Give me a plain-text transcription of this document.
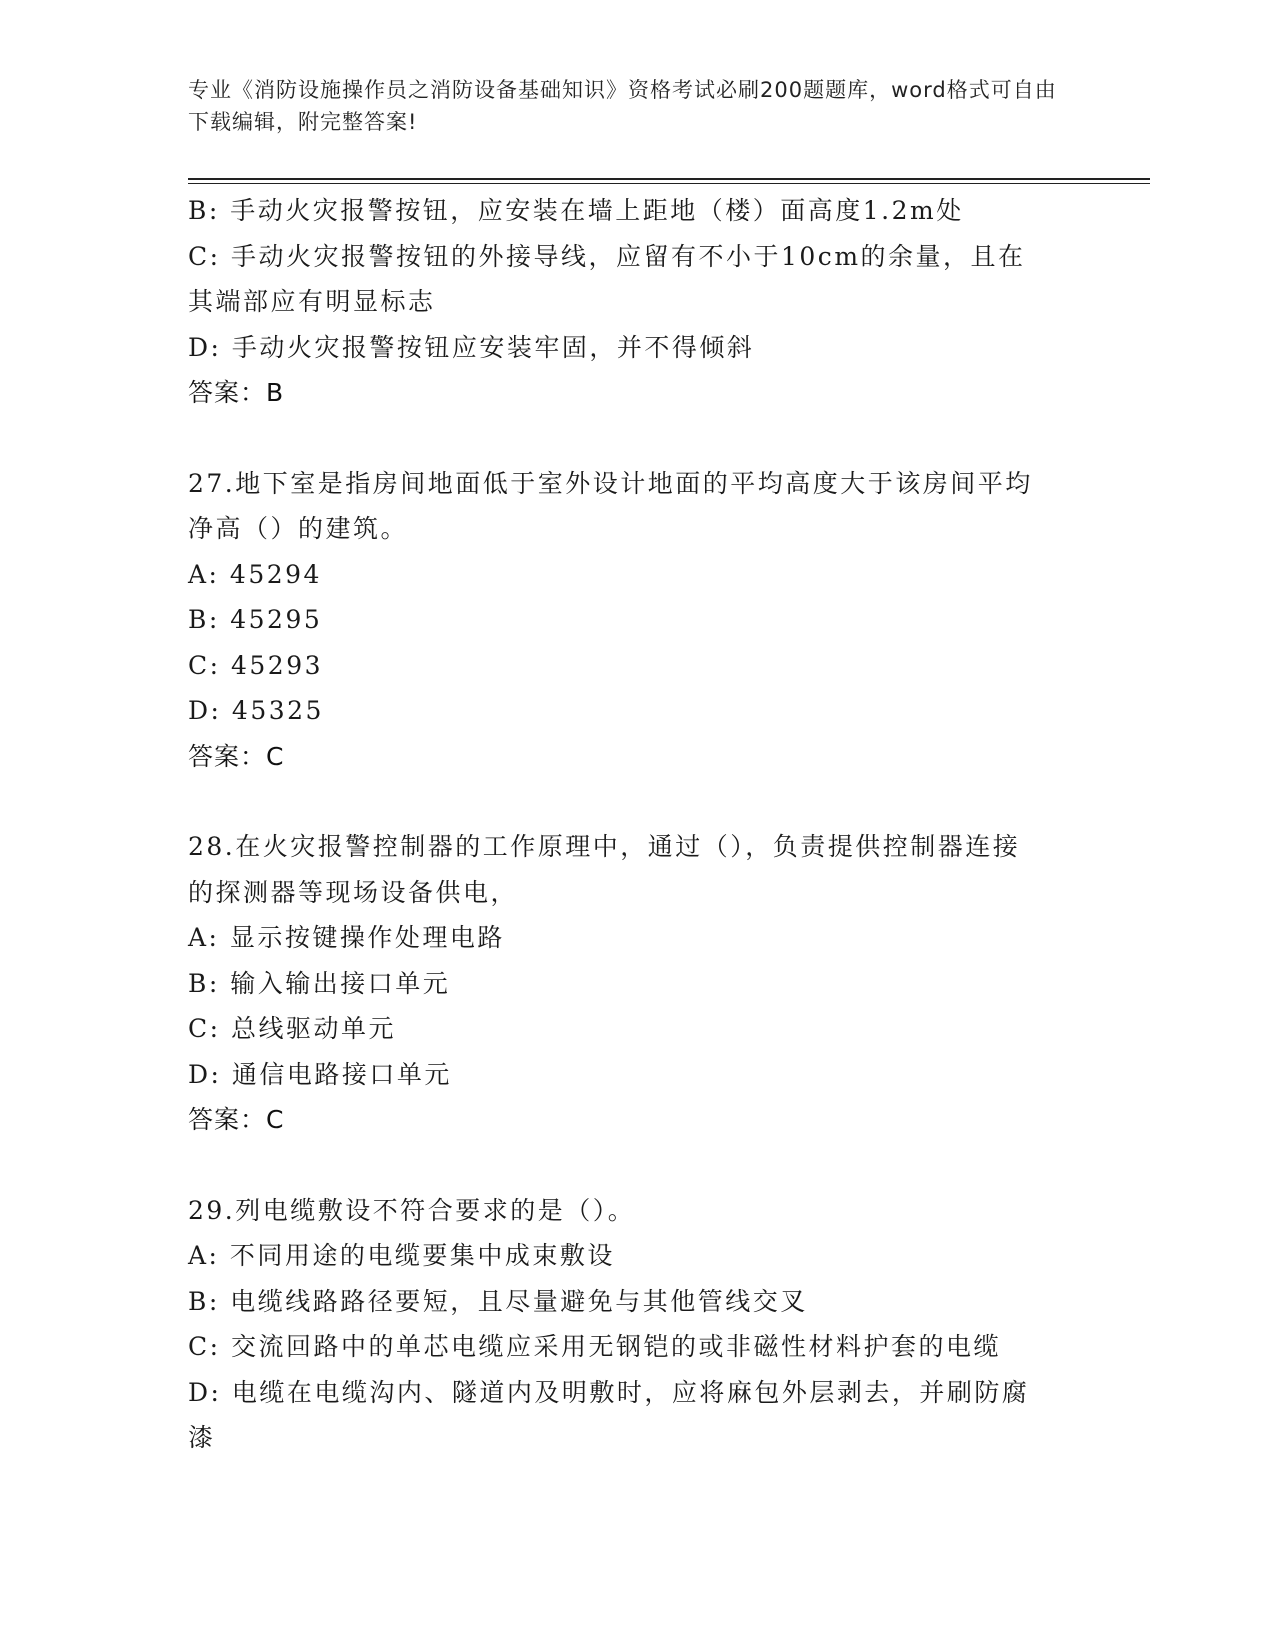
专业《消防设施操作员之消防设备基础知识》资格考试必刷200题题库，word格式可自由下载编辑，附完整答案!
B: 手动火灾报警按钮，应安装在墙上距地（楼）面高度1.2m处
C: 手动火灾报警按钮的外接导线，应留有不小于10cm的余量，且在
其端部应有明显标志
D: 手动火灾报警按钮应安装牢固，并不得倾斜
答案：B
27.地下室是指房间地面低于室外设计地面的平均高度大于该房间平均
净高（）的建筑。
A: 45294
B: 45295
C: 45293
D: 45325
答案：C
28.在火灾报警控制器的工作原理中，通过（），负责提供控制器连接
的探测器等现场设备供电，
A: 显示按键操作处理电路
B: 输入输出接口单元
C: 总线驱动单元
D: 通信电路接口单元
答案：C
29.列电缆敷设不符合要求的是（）。
A: 不同用途的电缆要集中成束敷设
B: 电缆线路路径要短，且尽量避免与其他管线交叉
C: 交流回路中的单芯电缆应采用无钢铠的或非磁性材料护套的电缆
D: 电缆在电缆沟内、隧道内及明敷时，应将麻包外层剥去，并刷防腐
漆
